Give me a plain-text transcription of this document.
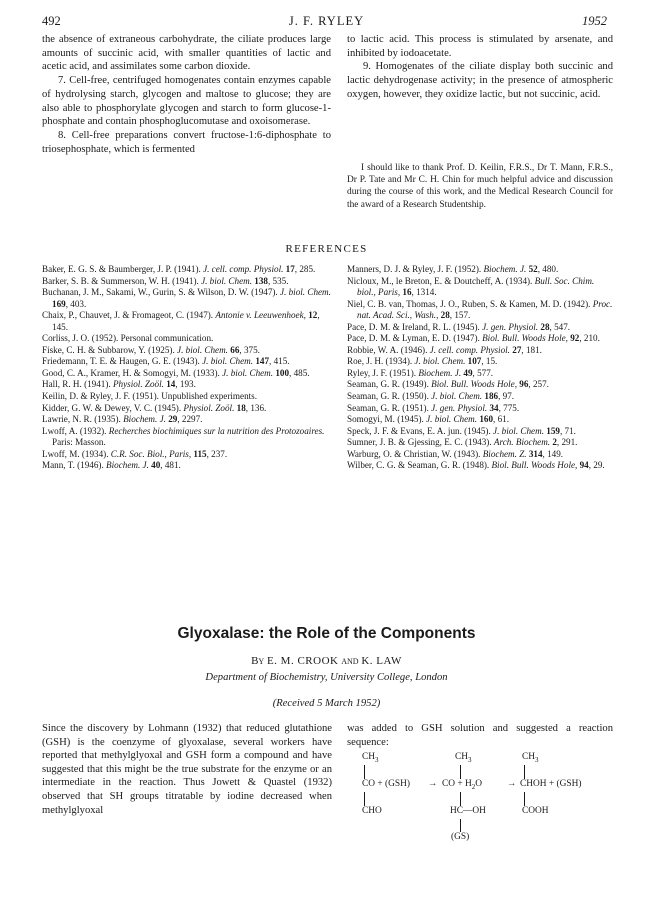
492	J. F. RYLEY	1952

the absence of extraneous carbohydrate, the ciliate produces large amounts of succinic acid, with smaller quantities of lactic and acetic acid, and assimilates some carbon dioxide.

7. Cell-free, centrifuged homogenates contain enzymes capable of hydrolysing starch, glycogen and maltose to glucose; they are also able to phosphorylate glycogen and starch to form glucose-1-phosphate and contain phosphoglucomutase and oxoisomerase.

8. Cell-free preparations convert fructose-1:6-diphosphate to triosephosphate, which is fermented

to lactic acid. This process is stimulated by arsenate, and inhibited by iodoacetate.

9. Homogenates of the ciliate display both succinic and lactic dehydrogenase activity; in the presence of atmospheric oxygen, however, they oxidize lactic, but not succinic, acid.

I should like to thank Prof. D. Keilin, F.R.S., Dr T. Mann, F.R.S., Dr P. Tate and Mr C. H. Chin for much helpful advice and discussion during the course of this work, and the Medical Research Council for the award of a Research Studentship.
REFERENCES

Baker, E. G. S. & Baumberger, J. P. (1941). J. cell. comp. Physiol. 17, 285.

Barker, S. B. & Summerson, W. H. (1941). J. biol. Chem. 138, 535.

Buchanan, J. M., Sakami, W., Gurin, S. & Wilson, D. W. (1947). J. biol. Chem. 169, 403.

Chaix, P., Chauvet, J. & Fromageot, C. (1947). Antonie v. Leeuwenhoek, 12, 145.

Corliss, J. O. (1952). Personal communication.

Fiske, C. H. & Subbarow, Y. (1925). J. biol. Chem. 66, 375.

Friedemann, T. E. & Haugen, G. E. (1943). J. biol. Chem. 147, 415.

Good, C. A., Kramer, H. & Somogyi, M. (1933). J. biol. Chem. 100, 485.

Hall, R. H. (1941). Physiol. Zoöl. 14, 193.

Keilin, D. & Ryley, J. F. (1951). Unpublished experiments.

Kidder, G. W. & Dewey, V. C. (1945). Physiol. Zoöl. 18, 136.

Lawrie, N. R. (1935). Biochem. J. 29, 2297.

Lwoff, A. (1932). Recherches biochimiques sur la nutrition des Protozoaires. Paris: Masson.

Lwoff, M. (1934). C.R. Soc. Biol., Paris, 115, 237.

Mann, T. (1946). Biochem. J. 40, 481.

Manners, D. J. & Ryley, J. F. (1952). Biochem. J. 52, 480.

Nicloux, M., le Breton, E. & Doutcheff, A. (1934). Bull. Soc. Chim. biol., Paris, 16, 1314.

Niel, C. B. van, Thomas, J. O., Ruben, S. & Kamen, M. D. (1942). Proc. nat. Acad. Sci., Wash., 28, 157.

Pace, D. M. & Ireland, R. L. (1945). J. gen. Physiol. 28, 547.

Pace, D. M. & Lyman, E. D. (1947). Biol. Bull. Woods Hole, 92, 210.

Robbie, W. A. (1946). J. cell. comp. Physiol. 27, 181.

Roe, J. H. (1934). J. biol. Chem. 107, 15.

Ryley, J. F. (1951). Biochem. J. 49, 577.

Seaman, G. R. (1949). Biol. Bull. Woods Hole, 96, 257.

Seaman, G. R. (1950). J. biol. Chem. 186, 97.

Seaman, G. R. (1951). J. gen. Physiol. 34, 775.

Somogyi, M. (1945). J. biol. Chem. 160, 61.

Speck, J. F. & Evans, E. A. jun. (1945). J. biol. Chem. 159, 71.

Sumner, J. B. & Gjessing, E. C. (1943). Arch. Biochem. 2, 291.

Warburg, O. & Christian, W. (1943). Biochem. Z. 314, 149.

Wilber, C. G. & Seaman, G. R. (1948). Biol. Bull. Woods Hole, 94, 29.

Glyoxalase: the Role of the Components
By E. M. CROOK and K. LAW
Department of Biochemistry, University College, London
(Received 5 March 1952)
Since the discovery by Lohmann (1932) that reduced glutathione (GSH) is the coenzyme of glyoxalase, several workers have reported that methylglyoxal and GSH form a compound and have suggested that this might be the true substrate for the enzyme or an intermediate in the reaction. Thus Jowett & Quastel (1932) observed that SH groups titratable by iodine decreased when methylglyoxal
was added to GSH solution and suggested a reaction sequence:
$CH_3$	$CH_3$	$CH_3$
CO + (GSH) → CO + $H_2O$	→ CHOH + (GSH)
CHO	HC—OH	COOH
(GS)
